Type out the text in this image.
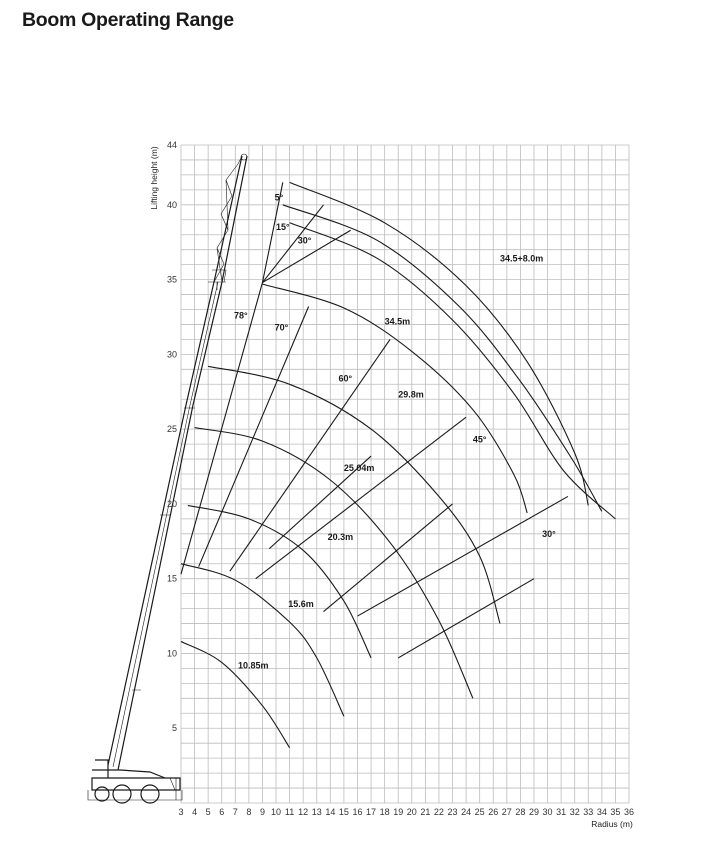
Boom Operating Range
10.85m
15.6m
20.3m
25.04m
29.8m
34.5m
34.5+8.0m
78°
70°
60°
45°
30°
5°
15°
30°
3 4 5 6 7 8 9 10 11 12 13 14 15 16 17 18 19 20 21 22 23 24 25 26 27 28 29 30 31 32 33 34 35 36
5
10
15
20
25
30
35
40
44
Radius (m)
Lifting height (m)
